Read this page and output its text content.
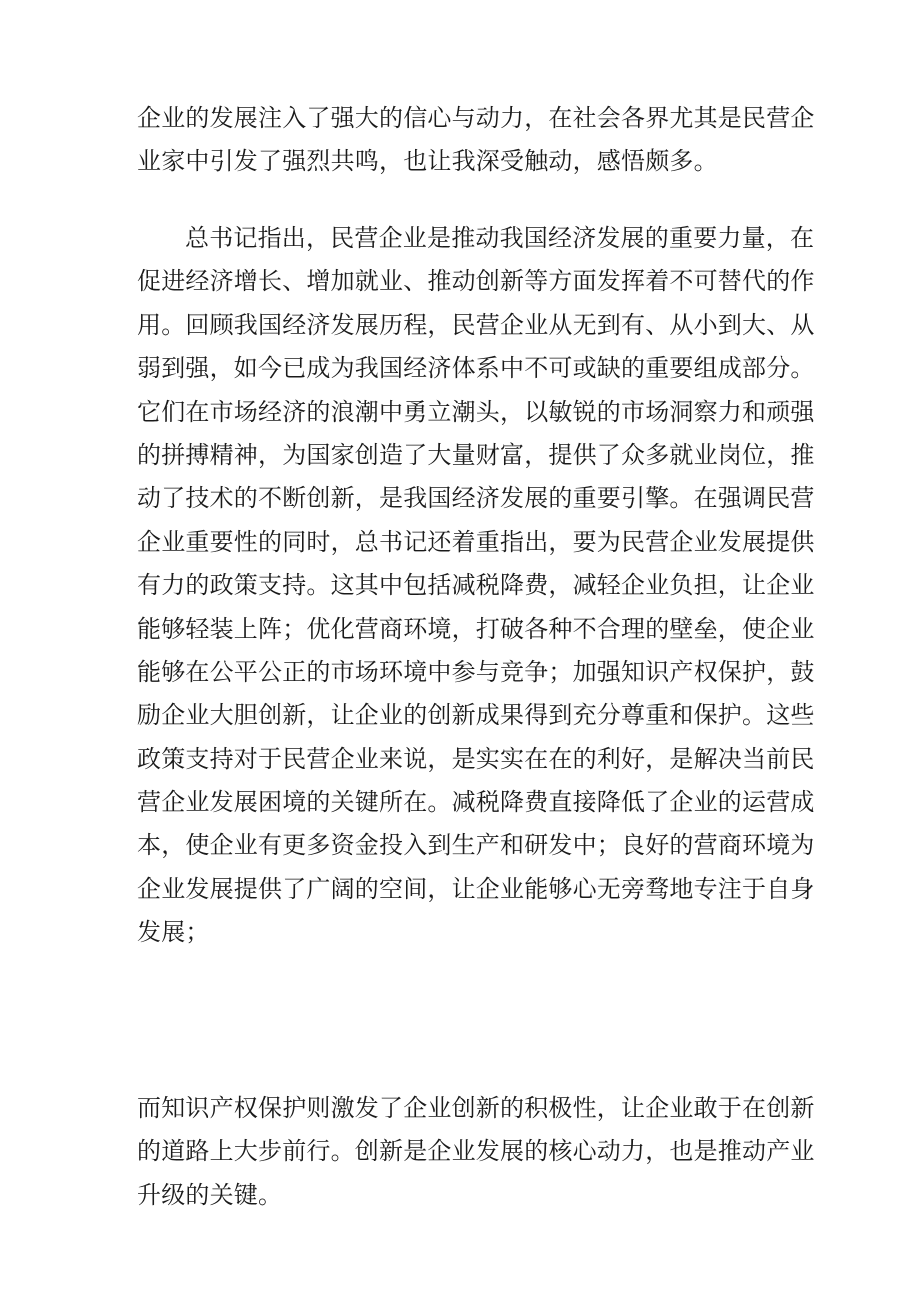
企业的发展注入了强大的信心与动力，在社会各界尤其是民营企
业家中引发了强烈共鸣，也让我深受触动，感悟颇多。
总书记指出，民营企业是推动我国经济发展的重要力量，在
促进经济增长、增加就业、推动创新等方面发挥着不可替代的作
用。回顾我国经济发展历程，民营企业从无到有、从小到大、从
弱到强，如今已成为我国经济体系中不可或缺的重要组成部分。
它们在市场经济的浪潮中勇立潮头，以敏锐的市场洞察力和顽强
的拼搏精神，为国家创造了大量财富，提供了众多就业岗位，推
动了技术的不断创新，是我国经济发展的重要引擎。在强调民营
企业重要性的同时，总书记还着重指出，要为民营企业发展提供
有力的政策支持。这其中包括减税降费，减轻企业负担，让企业
能够轻装上阵；优化营商环境，打破各种不合理的壁垒，使企业
能够在公平公正的市场环境中参与竞争；加强知识产权保护，鼓
励企业大胆创新，让企业的创新成果得到充分尊重和保护。这些
政策支持对于民营企业来说，是实实在在的利好，是解决当前民
营企业发展困境的关键所在。减税降费直接降低了企业的运营成
本，使企业有更多资金投入到生产和研发中；良好的营商环境为
企业发展提供了广阔的空间，让企业能够心无旁骛地专注于自身
发展；
而知识产权保护则激发了企业创新的积极性，让企业敢于在创新
的道路上大步前行。创新是企业发展的核心动力，也是推动产业
升级的关键。
